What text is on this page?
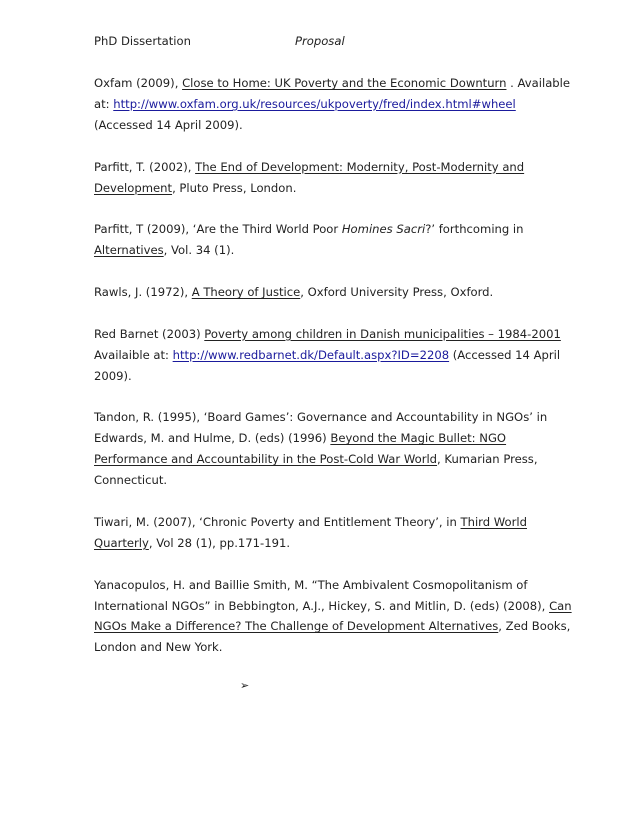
PhD Dissertation	Proposal
Oxfam (2009), Close to Home: UK Poverty and the Economic Downturn . Available
at: http://www.oxfam.org.uk/resources/ukpoverty/fred/index.html#wheel
(Accessed 14 April 2009).
Parfitt, T. (2002), The End of Development: Modernity, Post-Modernity and
Development, Pluto Press, London.
Parfitt, T (2009), ‘Are the Third World Poor Homines Sacri?’ forthcoming in
Alternatives, Vol. 34 (1).
Rawls, J. (1972), A Theory of Justice, Oxford University Press, Oxford.
Red Barnet (2003) Poverty among children in Danish municipalities – 1984-2001
Availaible at: http://www.redbarnet.dk/Default.aspx?ID=2208 (Accessed 14 April
2009).
Tandon, R. (1995), ‘Board Games’: Governance and Accountability in NGOs’ in
Edwards, M. and Hulme, D. (eds) (1996) Beyond the Magic Bullet: NGO
Performance and Accountability in the Post-Cold War World, Kumarian Press,
Connecticut.
Tiwari, M. (2007), ‘Chronic Poverty and Entitlement Theory’, in Third World
Quarterly, Vol 28 (1), pp.171-191.
Yanacopulos, H. and Baillie Smith, M. “The Ambivalent Cosmopolitanism of
International NGOs” in Bebbington, A.J., Hickey, S. and Mitlin, D. (eds) (2008), Can
NGOs Make a Difference? The Challenge of Development Alternatives, Zed Books,
London and New York.
➢
